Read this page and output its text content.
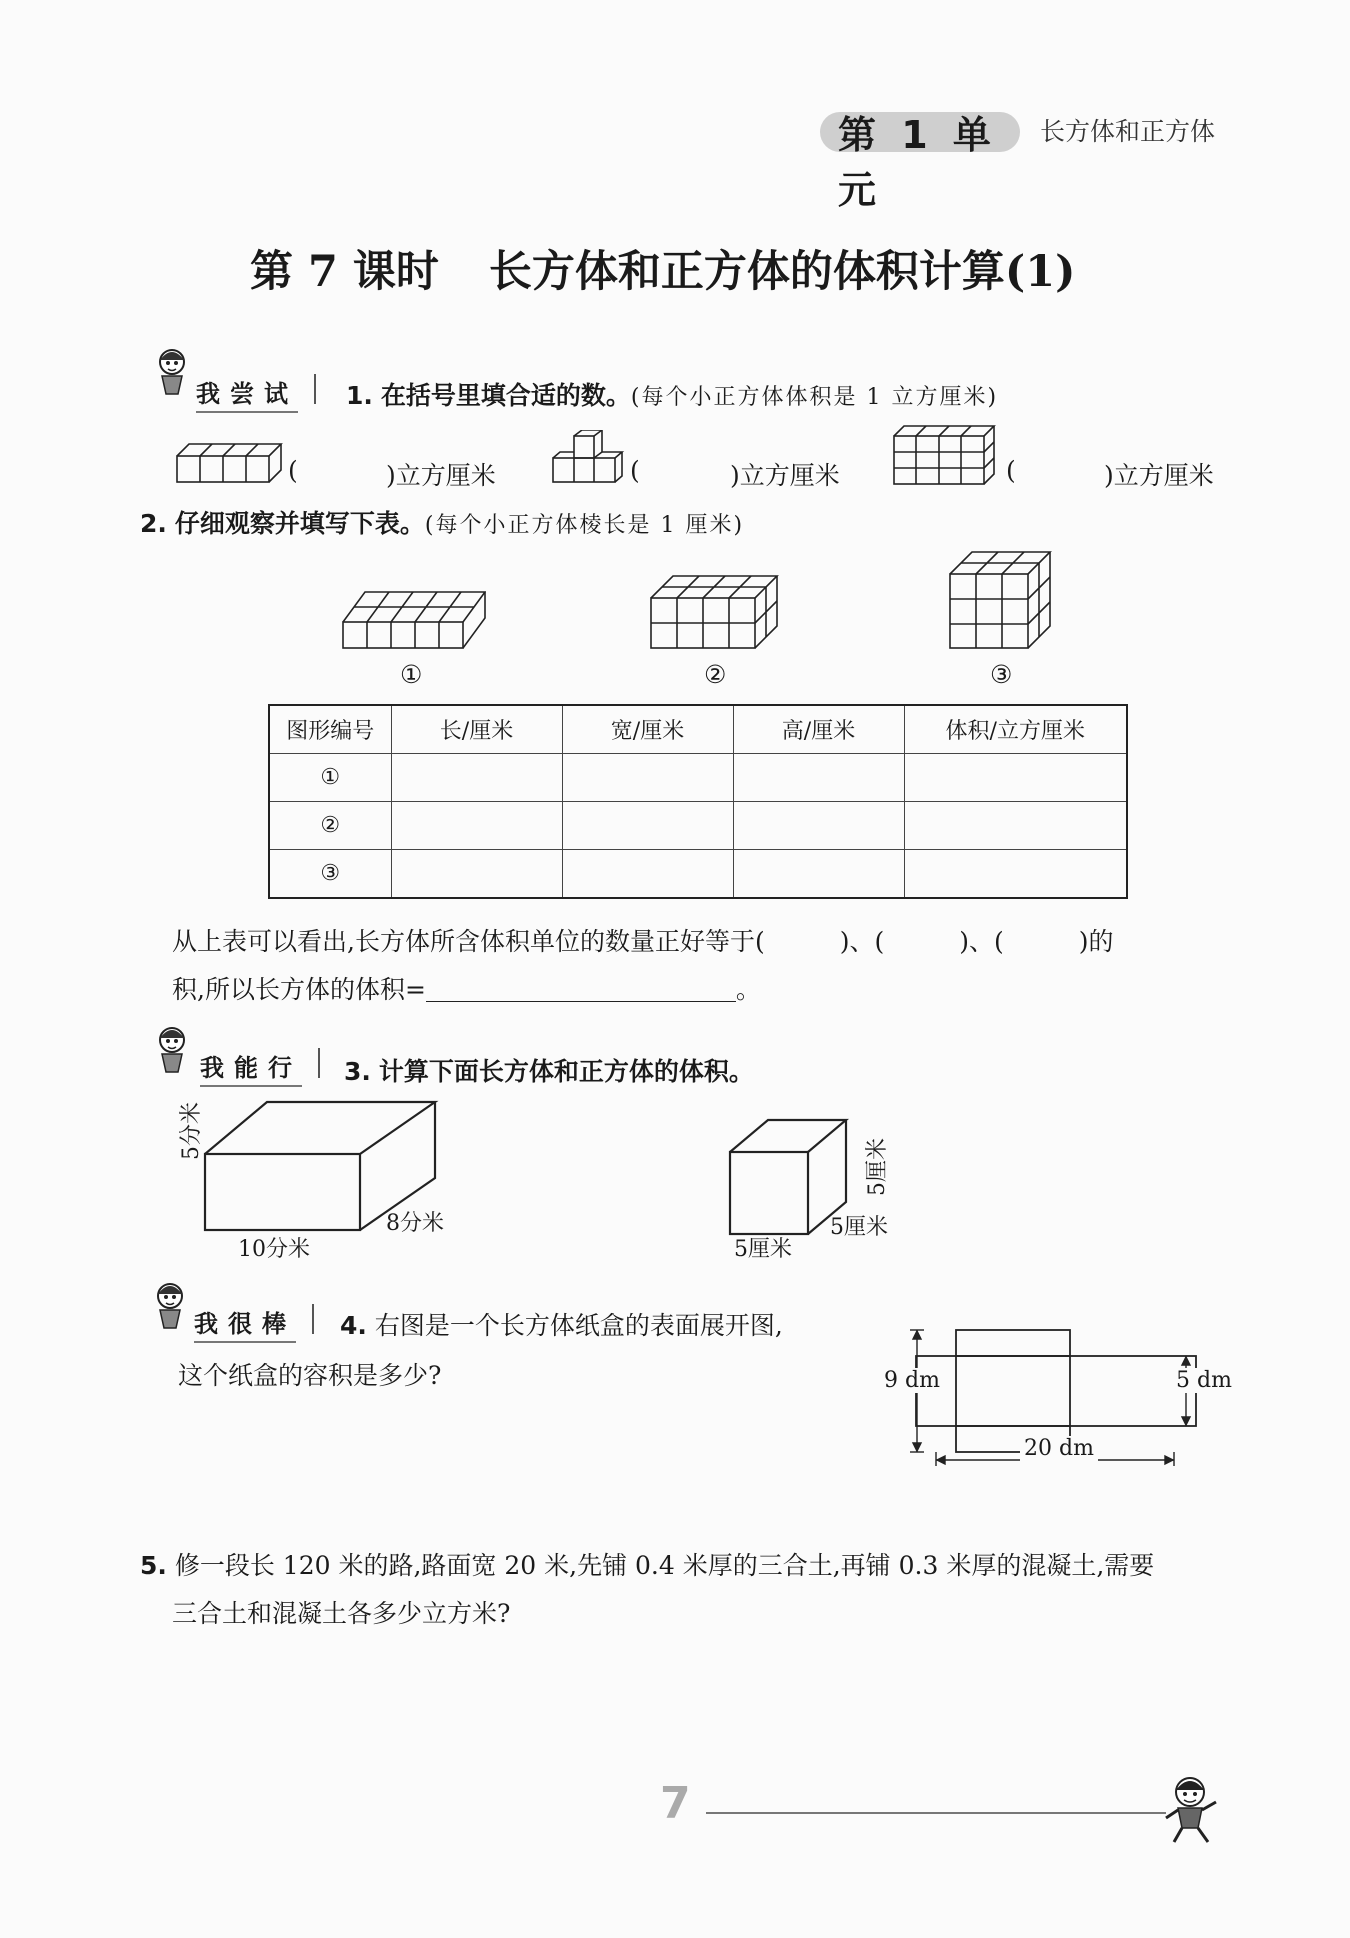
第 1 单元
长方体和正方体
第 7 课时 长方体和正方体的体积计算(1)
我尝试 1. 在括号里填合适的数。(每个小正方体体积是 1 立方厘米)
(	)立方厘米	(	)立方厘米	(	)立方厘米
2. 仔细观察并填写下表。(每个小正方体棱长是 1 厘米)
①	②	③
图形编号	长/厘米	宽/厘米	高/厘米	体积/立方厘米
①				
②				
③				
从上表可以看出,长方体所含体积单位的数量正好等于(　　　)、(　　　)、(　　　)的
积,所以长方体的体积=	。
我能行 3. 计算下面长方体和正方体的体积。
5分米
8分米
10分米
5厘米
5厘米
5厘米
我很棒 4. 右图是一个长方体纸盒的表面展开图,
这个纸盒的容积是多少?	9 dm	5 dm
20 dm
5. 修一段长 120 米的路,路面宽 20 米,先铺 0.4 米厚的三合土,再铺 0.3 米厚的混凝土,需要
三合土和混凝土各多少立方米?
7
